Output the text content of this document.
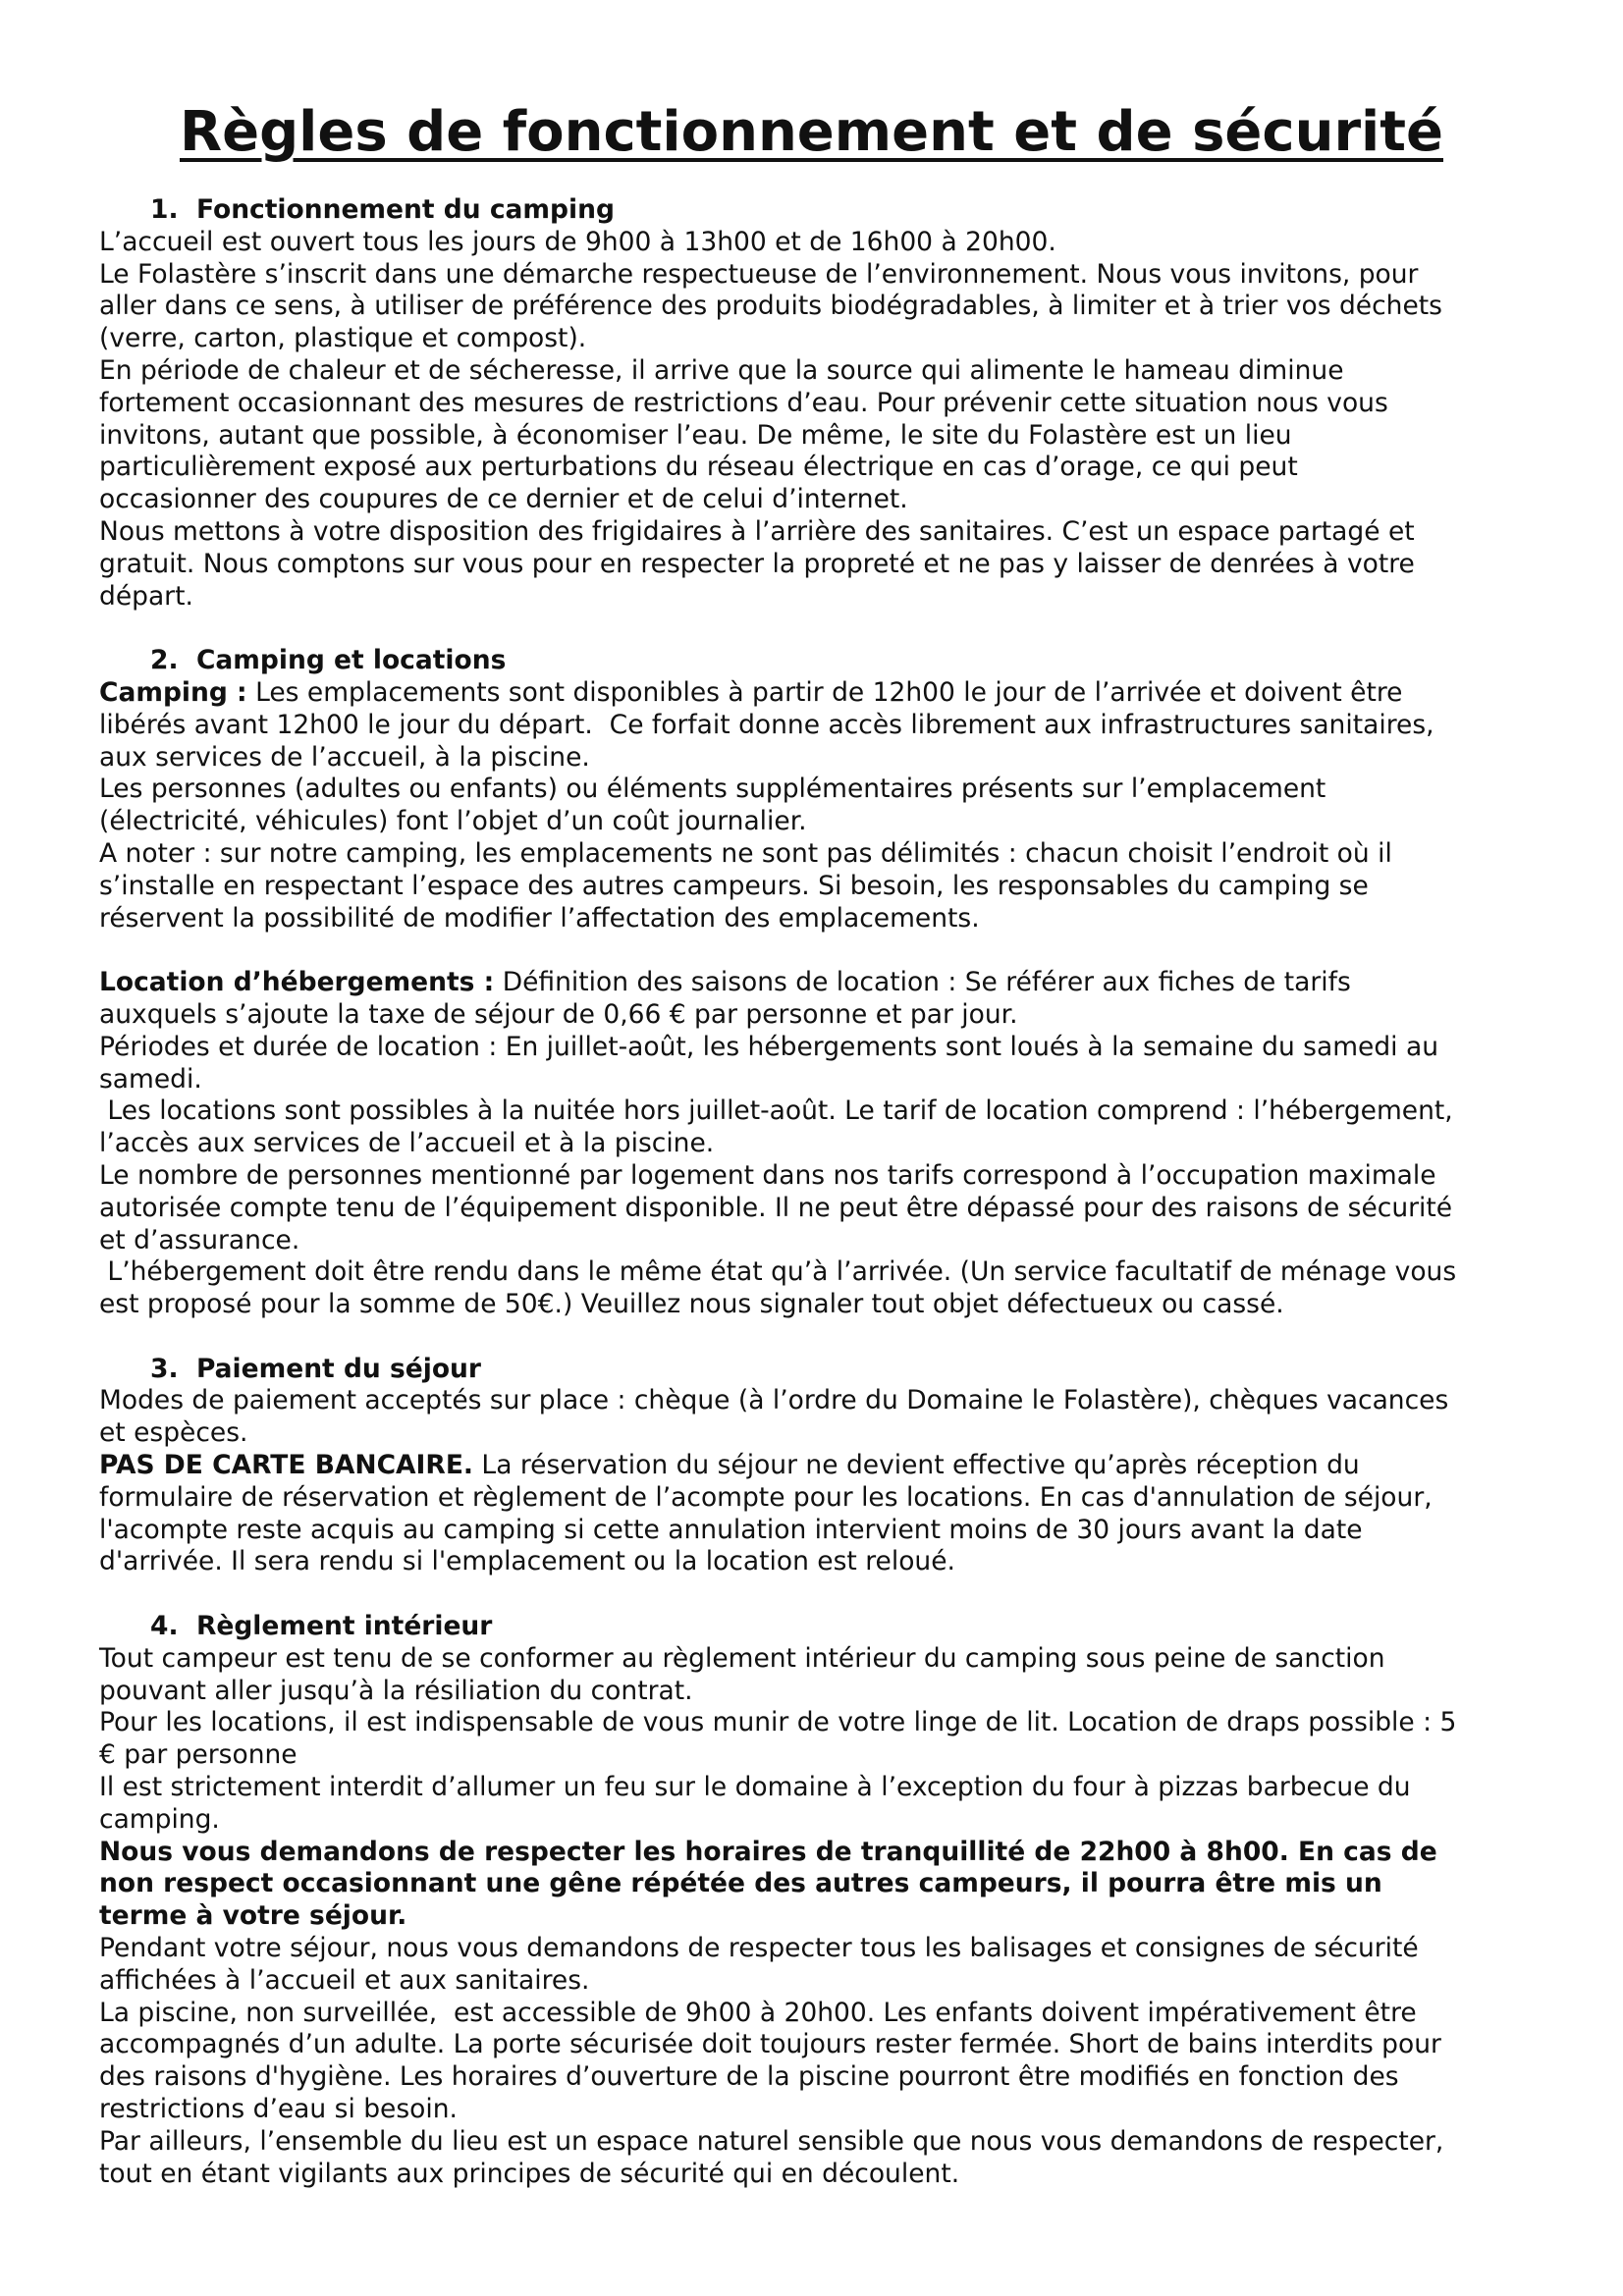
Règles de fonctionnement et de sécurité
1.  Fonctionnement du camping
L’accueil est ouvert tous les jours de 9h00 à 13h00 et de 16h00 à 20h00.
Le Folastère s’inscrit dans une démarche respectueuse de l’environnement. Nous vous invitons, pour
aller dans ce sens, à utiliser de préférence des produits biodégradables, à limiter et à trier vos déchets
(verre, carton, plastique et compost).
En période de chaleur et de sécheresse, il arrive que la source qui alimente le hameau diminue
fortement occasionnant des mesures de restrictions d’eau. Pour prévenir cette situation nous vous
invitons, autant que possible, à économiser l’eau. De même, le site du Folastère est un lieu
particulièrement exposé aux perturbations du réseau électrique en cas d’orage, ce qui peut
occasionner des coupures de ce dernier et de celui d’internet.
Nous mettons à votre disposition des frigidaires à l’arrière des sanitaires. C’est un espace partagé et
gratuit. Nous comptons sur vous pour en respecter la propreté et ne pas y laisser de denrées à votre
départ.
2.  Camping et locations
Camping : Les emplacements sont disponibles à partir de 12h00 le jour de l’arrivée et doivent être
libérés avant 12h00 le jour du départ.  Ce forfait donne accès librement aux infrastructures sanitaires,
aux services de l’accueil, à la piscine.
Les personnes (adultes ou enfants) ou éléments supplémentaires présents sur l’emplacement
(électricité, véhicules) font l’objet d’un coût journalier.
A noter : sur notre camping, les emplacements ne sont pas délimités : chacun choisit l’endroit où il
s’installe en respectant l’espace des autres campeurs. Si besoin, les responsables du camping se
réservent la possibilité de modifier l’affectation des emplacements.
Location d’hébergements : Définition des saisons de location : Se référer aux fiches de tarifs
auxquels s’ajoute la taxe de séjour de 0,66 € par personne et par jour.
Périodes et durée de location : En juillet-août, les hébergements sont loués à la semaine du samedi au
samedi.
Les locations sont possibles à la nuitée hors juillet-août. Le tarif de location comprend : l’hébergement,
l’accès aux services de l’accueil et à la piscine.
Le nombre de personnes mentionné par logement dans nos tarifs correspond à l’occupation maximale
autorisée compte tenu de l’équipement disponible. Il ne peut être dépassé pour des raisons de sécurité
et d’assurance.
L’hébergement doit être rendu dans le même état qu’à l’arrivée. (Un service facultatif de ménage vous
est proposé pour la somme de 50€.) Veuillez nous signaler tout objet défectueux ou cassé.
3.  Paiement du séjour
Modes de paiement acceptés sur place : chèque (à l’ordre du Domaine le Folastère), chèques vacances
et espèces.
PAS DE CARTE BANCAIRE. La réservation du séjour ne devient effective qu’après réception du
formulaire de réservation et règlement de l’acompte pour les locations. En cas d'annulation de séjour,
l'acompte reste acquis au camping si cette annulation intervient moins de 30 jours avant la date
d'arrivée. Il sera rendu si l'emplacement ou la location est reloué.
4.  Règlement intérieur
Tout campeur est tenu de se conformer au règlement intérieur du camping sous peine de sanction
pouvant aller jusqu’à la résiliation du contrat.
Pour les locations, il est indispensable de vous munir de votre linge de lit. Location de draps possible : 5
€ par personne
Il est strictement interdit d’allumer un feu sur le domaine à l’exception du four à pizzas barbecue du
camping.
Nous vous demandons de respecter les horaires de tranquillité de 22h00 à 8h00. En cas de
non respect occasionnant une gêne répétée des autres campeurs, il pourra être mis un
terme à votre séjour.
Pendant votre séjour, nous vous demandons de respecter tous les balisages et consignes de sécurité
affichées à l’accueil et aux sanitaires.
La piscine, non surveillée,  est accessible de 9h00 à 20h00. Les enfants doivent impérativement être
accompagnés d’un adulte. La porte sécurisée doit toujours rester fermée. Short de bains interdits pour
des raisons d'hygiène. Les horaires d’ouverture de la piscine pourront être modifiés en fonction des
restrictions d’eau si besoin.
Par ailleurs, l’ensemble du lieu est un espace naturel sensible que nous vous demandons de respecter,
tout en étant vigilants aux principes de sécurité qui en découlent.
